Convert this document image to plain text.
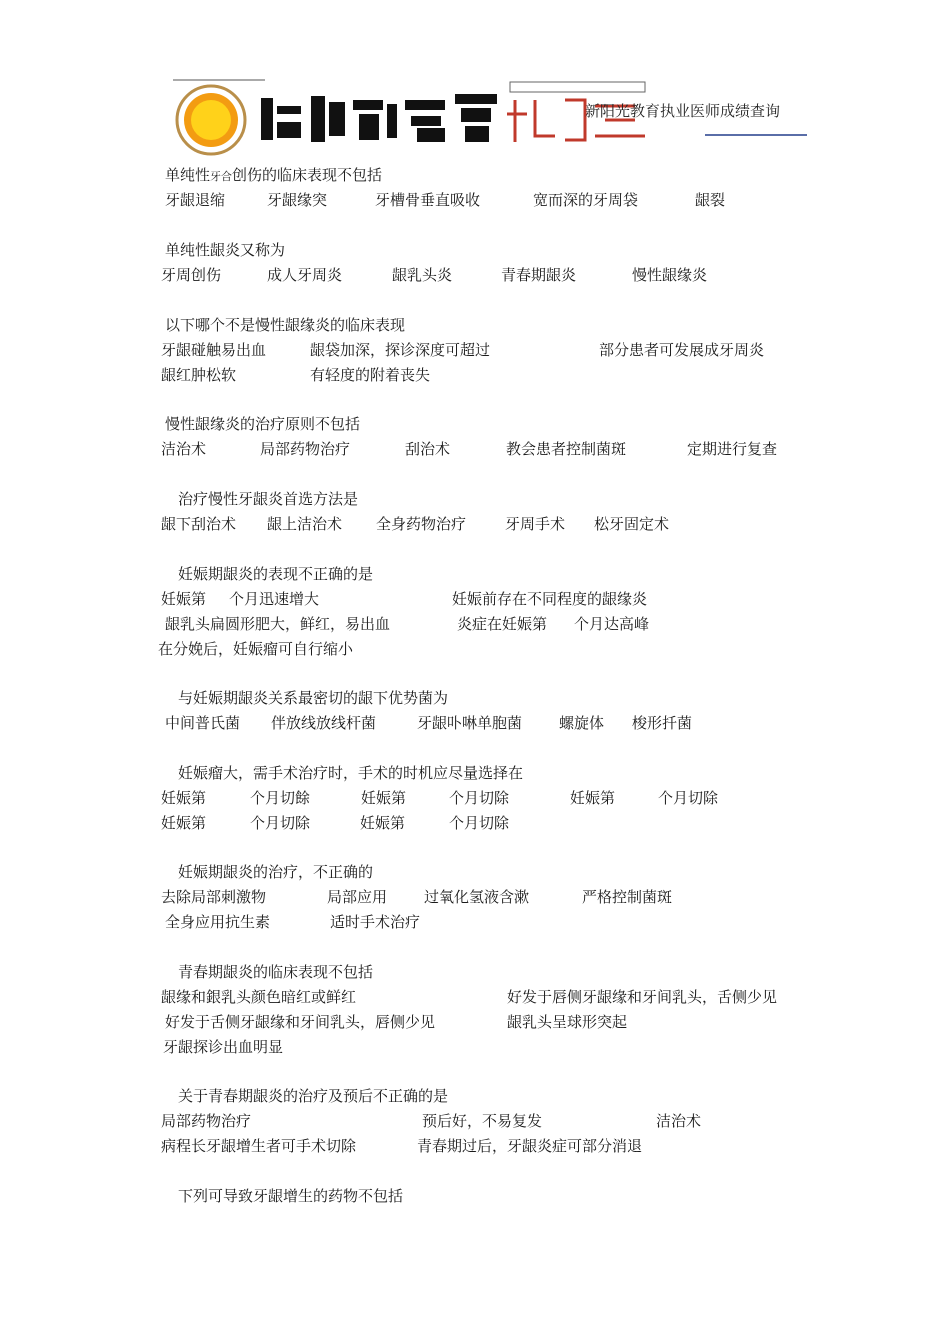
新阳光教育执业医师成绩查询
单纯性牙合创伤的临床表现不包括
牙龈退缩	牙龈缘突	牙槽骨垂直吸收	宽而深的牙周袋	龈裂
单纯性龈炎又称为
牙周创伤	成人牙周炎	龈乳头炎	青春期龈炎	慢性龈缘炎
以下哪个不是慢性龈缘炎的临床表现
牙龈碰触易出血	龈袋加深，探诊深度可超过	部分患者可发展成牙周炎
龈红肿松软	有轻度的附着丧失
慢性龈缘炎的治疗原则不包括
洁治术	局部药物治疗	刮治术	教会患者控制菌斑	定期进行复查
治疗慢性牙龈炎首选方法是
龈下刮治术 龈上洁治术 全身药物治疗	牙周手术 松牙固定术
妊娠期龈炎的表现不正确的是
妊娠第 个月迅速增大	妊娠前存在不同程度的龈缘炎
龈乳头扁圆形肥大，鲜红，易出血	炎症在妊娠第 个月达高峰
在分娩后，妊娠瘤可自行缩小
与妊娠期龈炎关系最密切的龈下优势菌为
中间普氏菌 伴放线放线杆菌	牙龈卟啉单胞菌 螺旋体 梭形扦菌
妊娠瘤大，需手术治疗时，手术的时机应尽量选择在
妊娠第	个月切餘	妊娠第	个月切除	妊娠第	个月切除
妊娠第	个月切除	妊娠第	个月切除
妊娠期龈炎的治疗，不正确的
去除局部刺激物	局部应用 过氧化氢液含漱	严格控制菌斑
全身应用抗生素	适时手术治疗
青春期龈炎的临床表现不包括
龈缘和銀乳头颜色暗红或鲜红	好发于唇侧牙龈缘和牙间乳头，舌侧少见
好发于舌侧牙龈缘和牙间乳头，唇侧少见	龈乳头呈球形突起
牙龈探诊出血明显
关于青春期龈炎的治疗及预后不正确的是
局部药物治疗	预后好，不易复发	洁治术
病程长牙龈增生者可手术切除	青春期过后，牙龈炎症可部分消退
下列可导致牙龈增生的药物不包括
